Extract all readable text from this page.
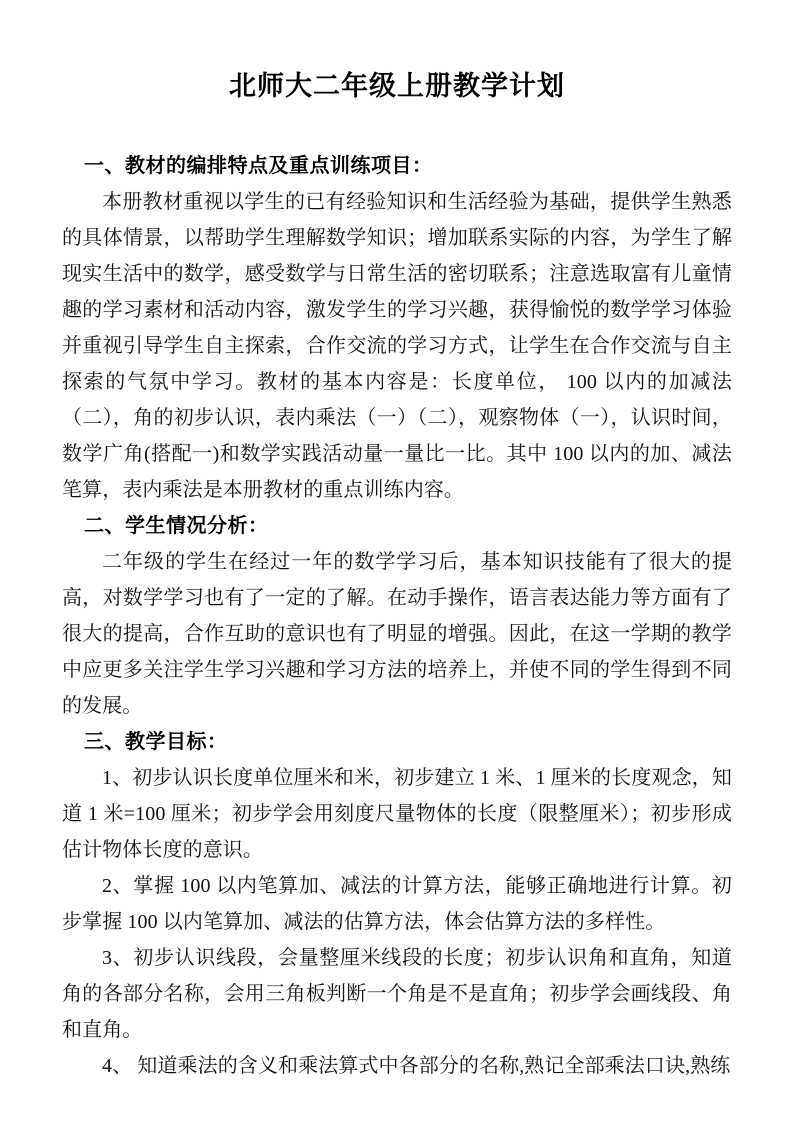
北师大二年级上册教学计划
一、教材的编排特点及重点训练项目：

本册教材重视以学生的已有经验知识和生活经验为基础，提供学生熟悉的具体情景，以帮助学生理解数学知识；增加联系实际的内容，为学生了解现实生活中的数学，感受数学与日常生活的密切联系；注意选取富有儿童情趣的学习素材和活动内容，激发学生的学习兴趣，获得愉悦的数学学习体验并重视引导学生自主探索，合作交流的学习方式，让学生在合作交流与自主探索的气氛中学习。教材的基本内容是：长度单位， 100 以内的加减法（二），角的初步认识，表内乘法（一）（二），观察物体（一），认识时间，数学广角(搭配一)和数学实践活动量一量比一比。其中 100 以内的加、减法笔算，表内乘法是本册教材的重点训练内容。

二、学生情况分析：

二年级的学生在经过一年的数学学习后，基本知识技能有了很大的提高，对数学学习也有了一定的了解。在动手操作，语言表达能力等方面有了很大的提高，合作互助的意识也有了明显的增强。因此，在这一学期的教学中应更多关注学生学习兴趣和学习方法的培养上，并使不同的学生得到不同的发展。

三、教学目标：

1、初步认识长度单位厘米和米，初步建立 1 米、1 厘米的长度观念，知道 1 米=100 厘米；初步学会用刻度尺量物体的长度（限整厘米）；初步形成估计物体长度的意识。

2、掌握 100 以内笔算加、减法的计算方法，能够正确地进行计算。初步掌握 100 以内笔算加、减法的估算方法，体会估算方法的多样性。

3、初步认识线段，会量整厘米线段的长度；初步认识角和直角，知道角的各部分名称，会用三角板判断一个角是不是直角；初步学会画线段、角和直角。

4、 知道乘法的含义和乘法算式中各部分的名称,熟记全部乘法口诀,熟练
